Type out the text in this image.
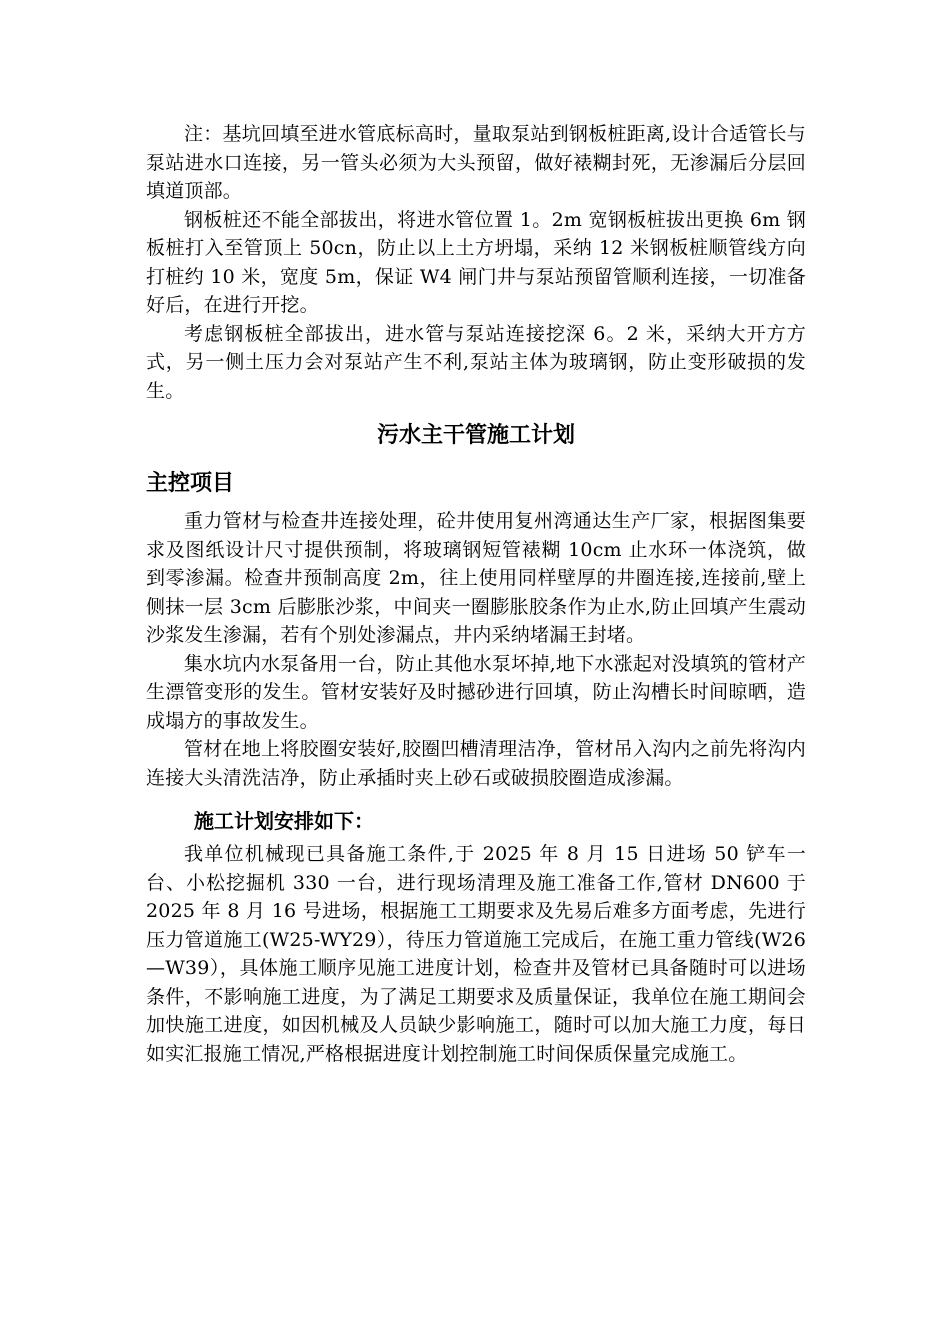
注：基坑回填至进水管底标高时，量取泵站到钢板桩距离,设计合适管长与泵站进水口连接，另一管头必须为大头预留，做好裱糊封死，无渗漏后分层回填道顶部。

钢板桩还不能全部拔出，将进水管位置 1。2m 宽钢板桩拔出更换 6m 钢板桩打入至管顶上 50cn，防止以上土方坍塌，采纳 12 米钢板桩顺管线方向打桩约 10 米，宽度 5m，保证 W4 闸门井与泵站预留管顺利连接，一切准备好后，在进行开挖。

考虑钢板桩全部拔出，进水管与泵站连接挖深 6。2 米，采纳大开方方式，另一侧土压力会对泵站产生不利,泵站主体为玻璃钢，防止变形破损的发生。

污水主干管施工计划
主控项目

重力管材与检查井连接处理，砼井使用复州湾通达生产厂家，根据图集要求及图纸设计尺寸提供预制，将玻璃钢短管裱糊 10cm 止水环一体浇筑，做到零渗漏。检查井预制高度 2m，往上使用同样壁厚的井圈连接,连接前,壁上侧抹一层 3cm 后膨胀沙浆，中间夹一圈膨胀胶条作为止水,防止回填产生震动沙浆发生渗漏，若有个别处渗漏点，井内采纳堵漏王封堵。

集水坑内水泵备用一台，防止其他水泵坏掉,地下水涨起对没填筑的管材产生漂管变形的发生。管材安装好及时撼砂进行回填，防止沟槽长时间晾晒，造成塌方的事故发生。

管材在地上将胶圈安装好,胶圈凹槽清理洁净，管材吊入沟内之前先将沟内连接大头清洗洁净，防止承插时夹上砂石或破损胶圈造成渗漏。

施工计划安排如下：

我单位机械现已具备施工条件,于 2025 年 8 月 15 日进场 50 铲车一台、小松挖掘机 330 一台，进行现场清理及施工准备工作,管材 DN600 于 2025 年 8 月 16 号进场，根据施工工期要求及先易后难多方面考虑，先进行压力管道施工(W25-WY29），待压力管道施工完成后，在施工重力管线(W26—W39），具体施工顺序见施工进度计划，检查井及管材已具备随时可以进场条件，不影响施工进度，为了满足工期要求及质量保证，我单位在施工期间会加快施工进度，如因机械及人员缺少影响施工，随时可以加大施工力度，每日如实汇报施工情况,严格根据进度计划控制施工时间保质保量完成施工。
